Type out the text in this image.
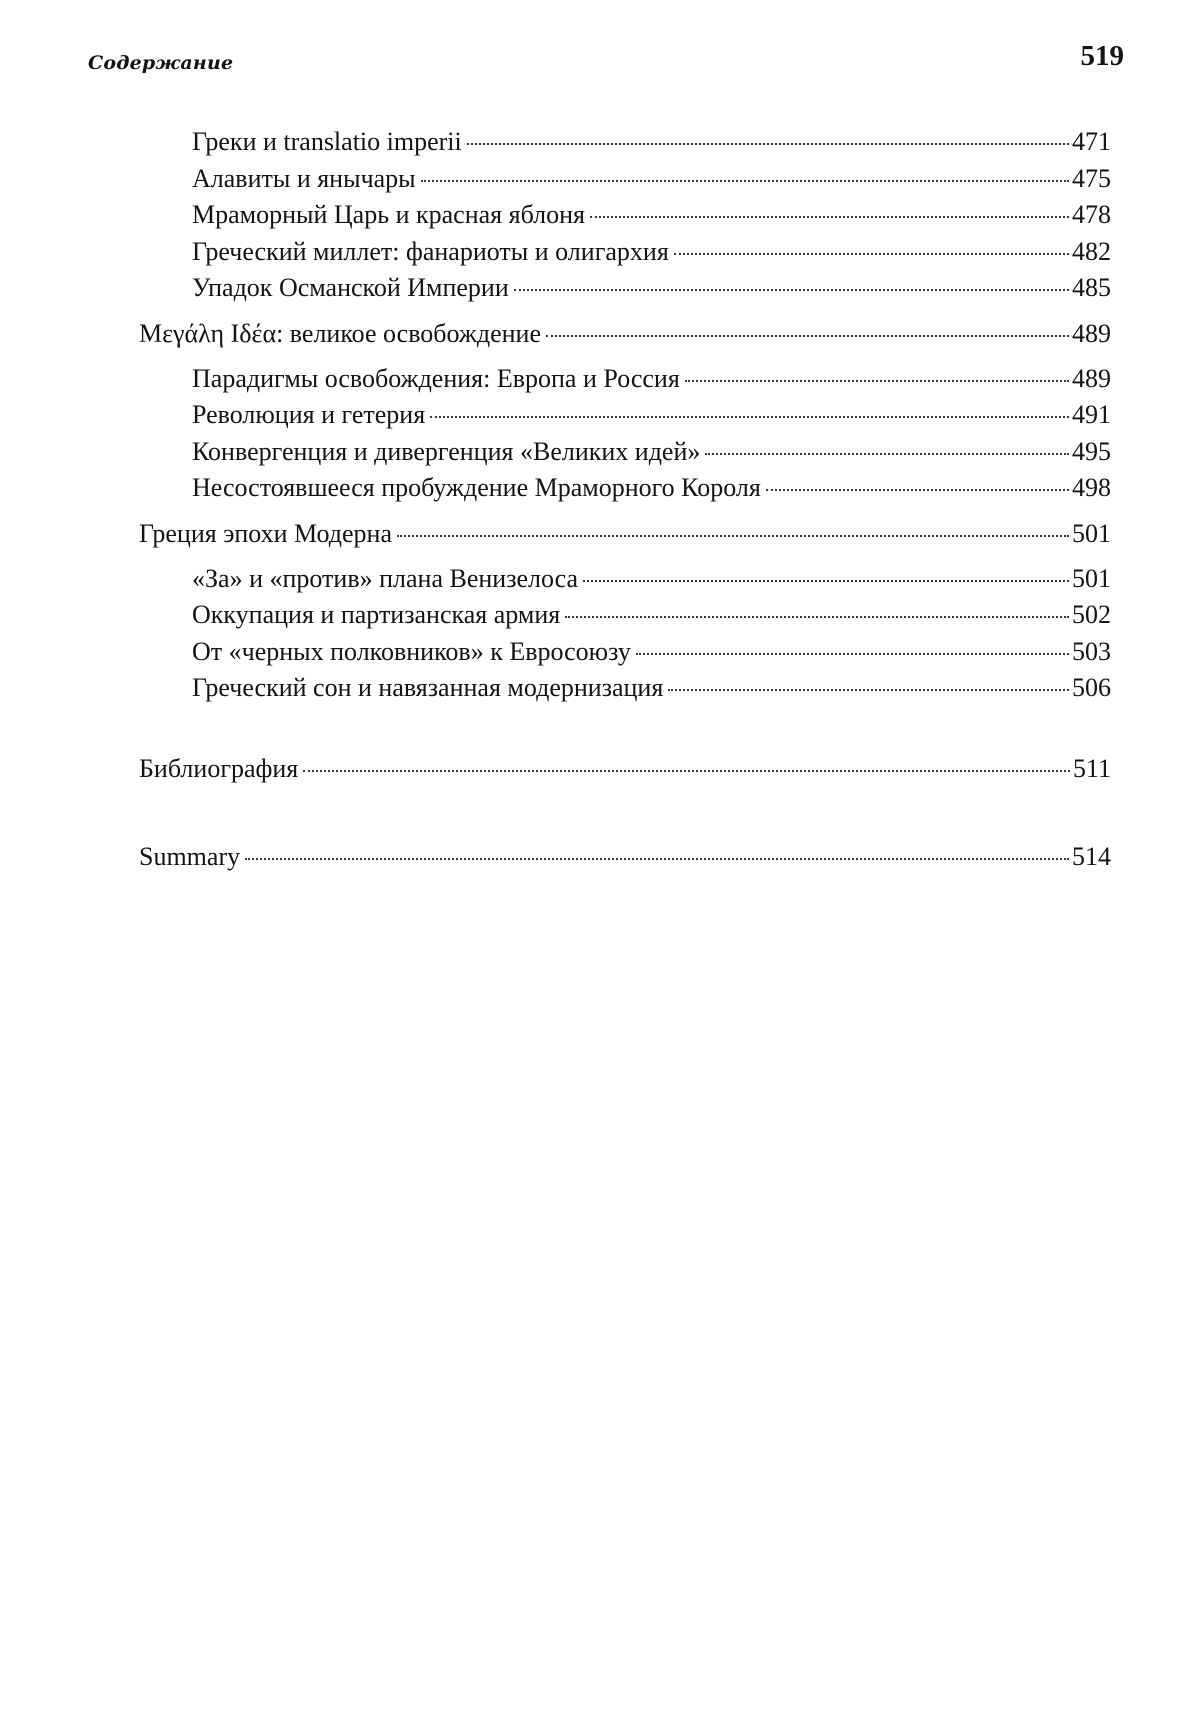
Содержание	519
Греки и translatio imperii	471
Алавиты и янычары	475
Мраморный Царь и красная яблоня	478
Греческий миллет: фанариоты и олигархия	482
Упадок Османской Империи	485
Μεγάλη Ιδέα: великое освобождение	489
Парадигмы освобождения: Европа и Россия	489
Революция и гетерия	491
Конвергенция и дивергенция «Великих идей»	495
Несостоявшееся пробуждение Мраморного Короля	498
Греция эпохи Модерна	501
«За» и «против» плана Венизелоса	501
Оккупация и партизанская армия	502
От «черных полковников» к Евросоюзу	503
Греческий сон и навязанная модернизация	506
Библиография	511
Summary	514
